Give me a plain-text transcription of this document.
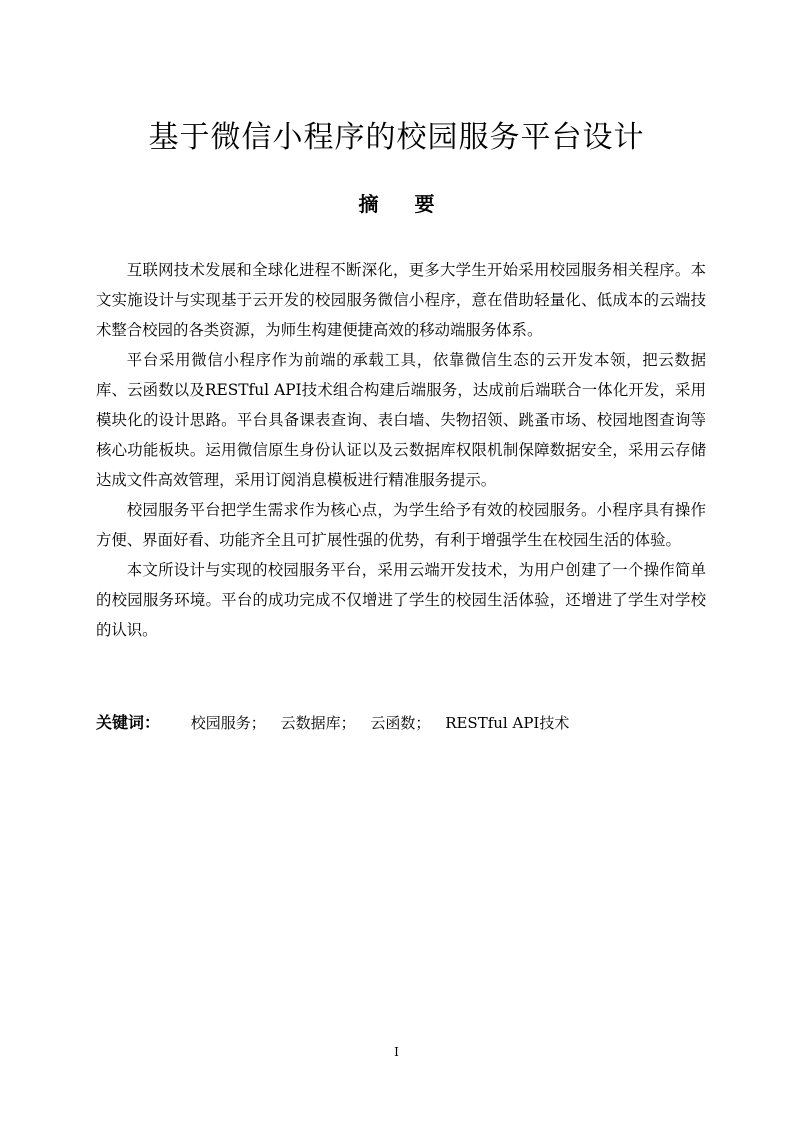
基于微信小程序的校园服务平台设计
摘要

互联网技术发展和全球化进程不断深化，更多大学生开始采用校园服务相关程序。本文实施设计与实现基于云开发的校园服务微信小程序，意在借助轻量化、低成本的云端技术整合校园的各类资源，为师生构建便捷高效的移动端服务体系。

平台采用微信小程序作为前端的承载工具，依靠微信生态的云开发本领，把云数据库、云函数以及RESTful API技术组合构建后端服务，达成前后端联合一体化开发，采用模块化的设计思路。平台具备课表查询、表白墙、失物招领、跳蚤市场、校园地图查询等核心功能板块。运用微信原生身份认证以及云数据库权限机制保障数据安全，采用云存储达成文件高效管理，采用订阅消息模板进行精准服务提示。

校园服务平台把学生需求作为核心点，为学生给予有效的校园服务。小程序具有操作方便、界面好看、功能齐全且可扩展性强的优势，有利于增强学生在校园生活的体验。

本文所设计与实现的校园服务平台，采用云端开发技术，为用户创建了一个操作简单的校园服务环境。平台的成功完成不仅增进了学生的校园生活体验，还增进了学生对学校的认识。

关键词： 校园服务； 云数据库； 云函数； RESTful API技术
I
